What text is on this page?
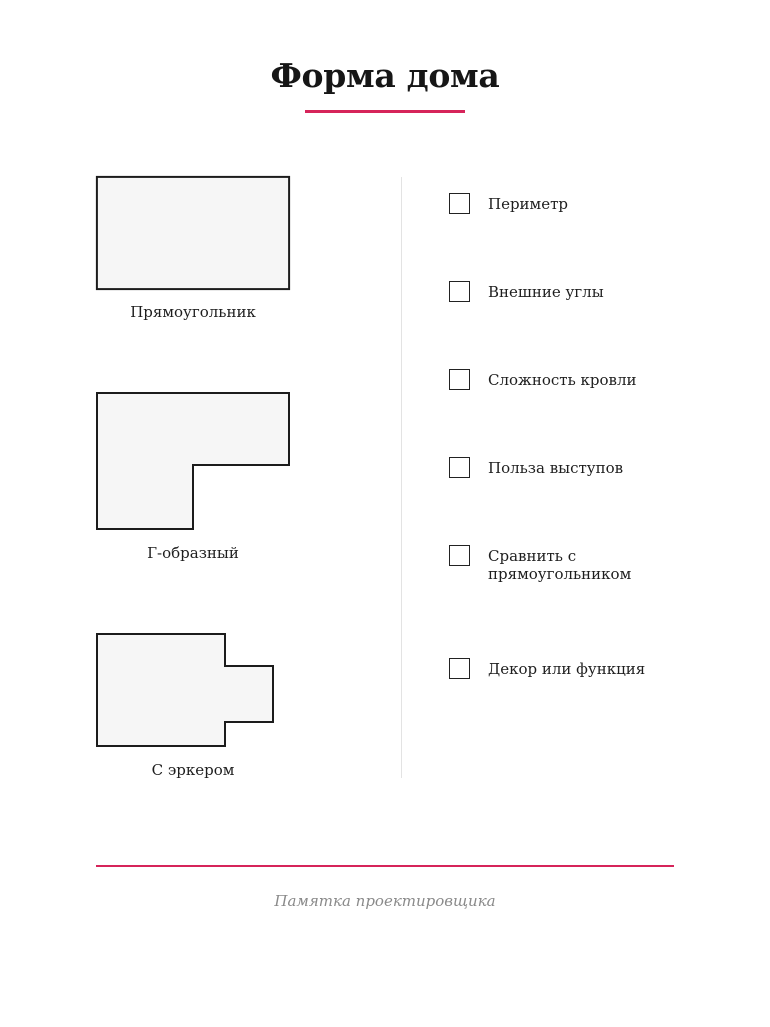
Форма дома
Прямоугольник
Г-образный
С эркером
Периметр
Внешние углы
Сложность кровли
Польза выступов
Сравнить с прямоугольником
Декор или функция
Памятка проектировщика
